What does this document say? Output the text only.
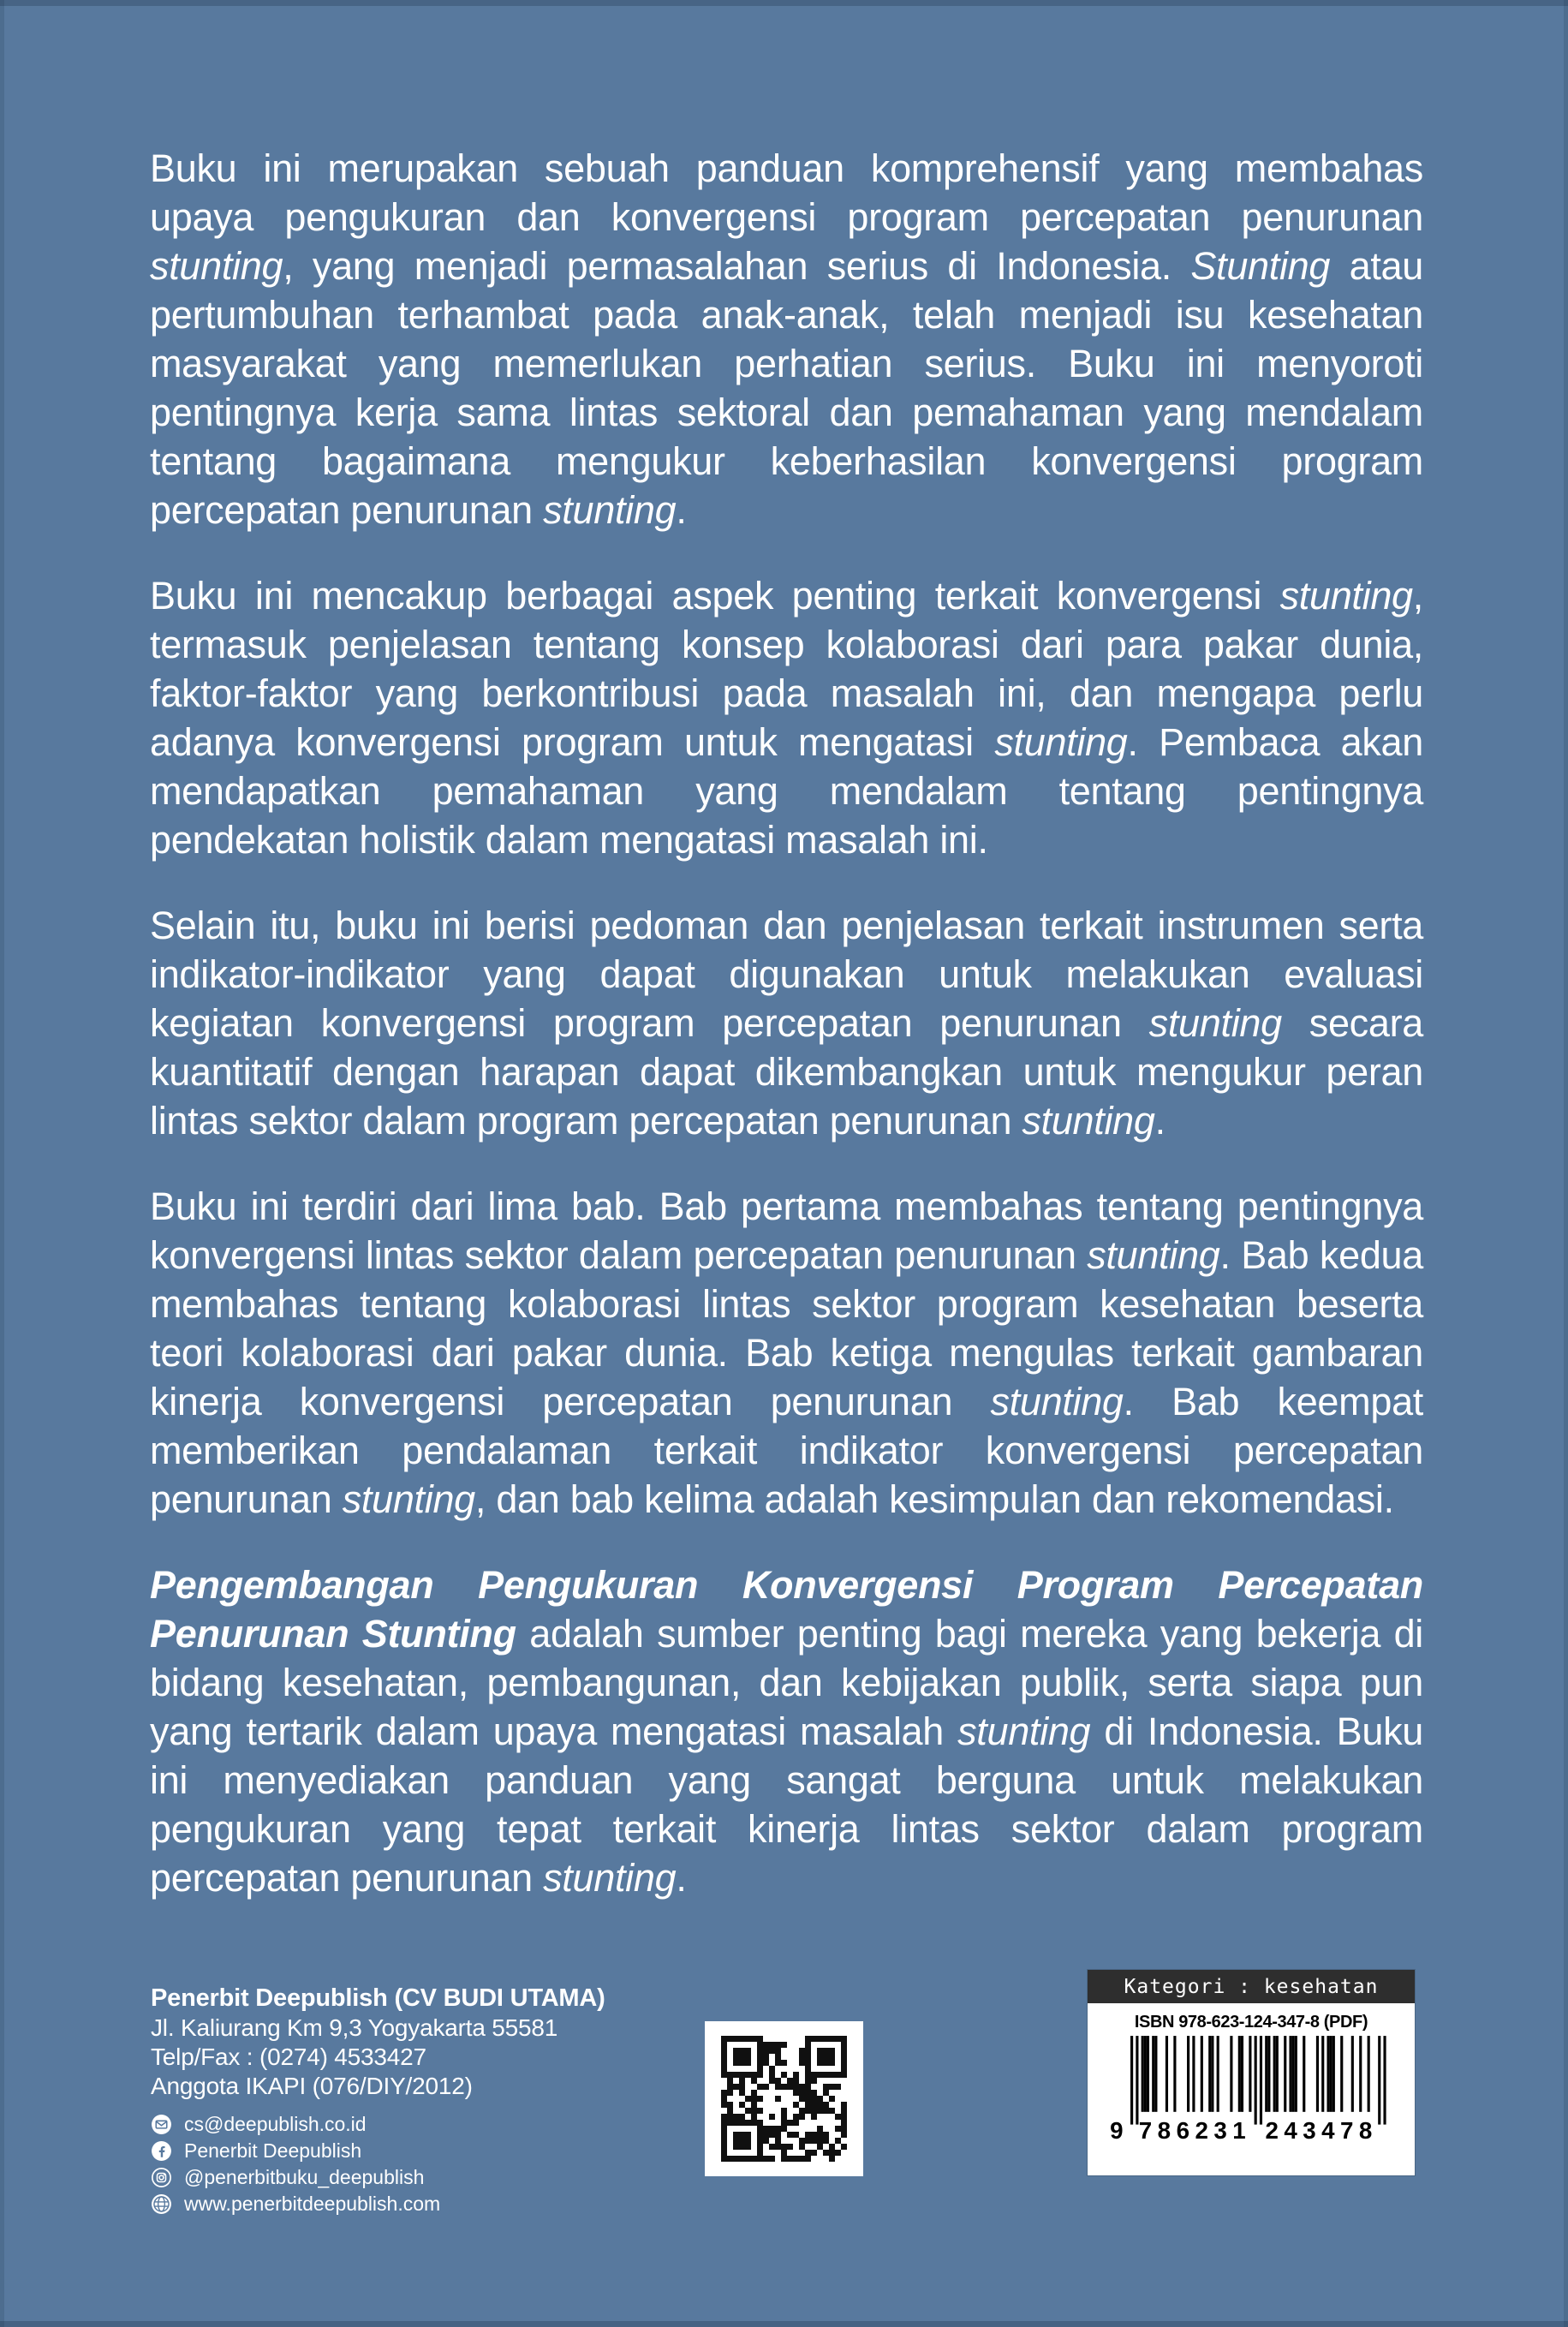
Buku ini merupakan sebuah panduan komprehensif yang membahas upaya pengukuran dan konvergensi program percepatan penurunan stunting, yang menjadi permasalahan serius di Indonesia. Stunting atau pertumbuhan terhambat pada anak-anak, telah menjadi isu kesehatan masyarakat yang memerlukan perhatian serius. Buku ini menyoroti pentingnya kerja sama lintas sektoral dan pemahaman yang mendalam tentang bagaimana mengukur keberhasilan konvergensi program percepatan penurunan stunting.

Buku ini mencakup berbagai aspek penting terkait konvergensi stunting, termasuk penjelasan tentang konsep kolaborasi dari para pakar dunia, faktor-faktor yang berkontribusi pada masalah ini, dan mengapa perlu adanya konvergensi program untuk mengatasi stunting. Pembaca akan mendapatkan pemahaman yang mendalam tentang pentingnya pendekatan holistik dalam mengatasi masalah ini.

Selain itu, buku ini berisi pedoman dan penjelasan terkait instrumen serta indikator-indikator yang dapat digunakan untuk melakukan evaluasi kegiatan konvergensi program percepatan penurunan stunting secara kuantitatif dengan harapan dapat dikembangkan untuk mengukur peran lintas sektor dalam program percepatan penurunan stunting.

Buku ini terdiri dari lima bab. Bab pertama membahas tentang pentingnya konvergensi lintas sektor dalam percepatan penurunan stunting. Bab kedua membahas tentang kolaborasi lintas sektor program kesehatan beserta teori kolaborasi dari pakar dunia. Bab ketiga mengulas terkait gambaran kinerja konvergensi percepatan penurunan stunting. Bab keempat memberikan pendalaman terkait indikator konvergensi percepatan penurunan stunting, dan bab kelima adalah kesimpulan dan rekomendasi.

Pengembangan Pengukuran Konvergensi Program Percepatan Penurunan Stunting adalah sumber penting bagi mereka yang bekerja di bidang kesehatan, pembangunan, dan kebijakan publik, serta siapa pun yang tertarik dalam upaya mengatasi masalah stunting di Indonesia. Buku ini menyediakan panduan yang sangat berguna untuk melakukan pengukuran yang tepat terkait kinerja lintas sektor dalam program percepatan penurunan stunting.

Penerbit Deepublish (CV BUDI UTAMA)
Jl. Kaliurang Km 9,3 Yogyakarta 55581
Telp/Fax : (0274) 4533427
Anggota IKAPI (076/DIY/2012)
cs@deepublish.co.id
Penerbit Deepublish
@penerbitbuku_deepublish
www.penerbitdeepublish.com
Kategori : kesehatan
ISBN 978-623-124-347-8 (PDF)
9 786231 243478
